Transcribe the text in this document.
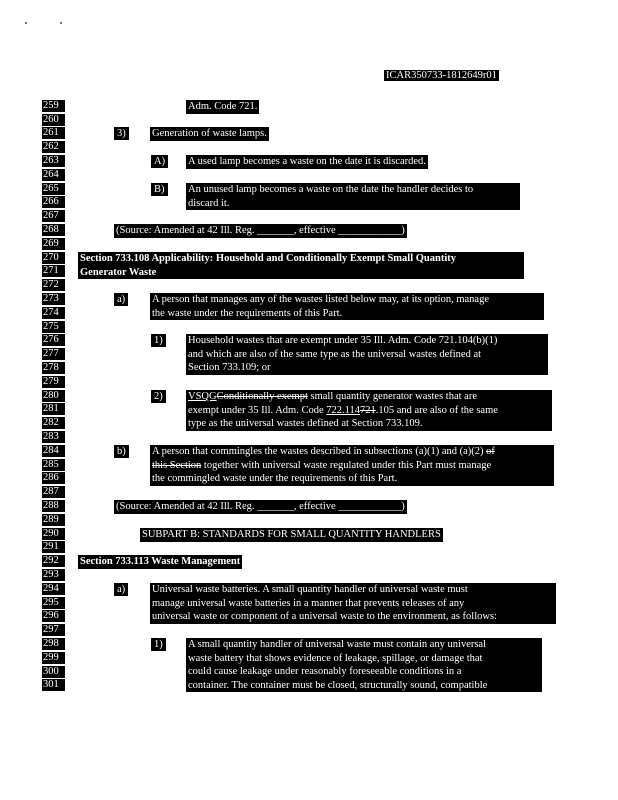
ICAR350733-1812649r01
259
260
261
262
263
264
265
266
267
268
269
270
271
272
273
274
275
276
277
278
279
280
281
282
283
284
285
286
287
288
289
290
291
292
293
294
295
296
297
298
299
300
301
Adm. Code 721.
3)	Generation of waste lamps.
A) A used lamp becomes a waste on the date it is discarded.
B) An unused lamp becomes a waste on the date the handler decides to
discard it.
(Source: Amended at 42 Ill. Reg. _______, effective ____________)
Section 733.108 Applicability: Household and Conditionally Exempt Small Quantity
Generator Waste
a)	A person that manages any of the wastes listed below may, at its option, manage
the waste under the requirements of this Part.
1) Household wastes that are exempt under 35 Ill. Adm. Code 721.104(b)(1)
and which are also of the same type as the universal wastes defined at
Section 733.109; or
2) VSQGConditionally exempt small quantity generator wastes that are
exempt under 35 Ill. Adm. Code 722.114721.105 and are also of the same
type as the universal wastes defined at Section 733.109.
b)	A person that commingles the wastes described in subsections (a)(1) and (a)(2) of
this Section together with universal waste regulated under this Part must manage
the commingled waste under the requirements of this Part.
(Source: Amended at 42 Ill. Reg. _______, effective ____________)
SUBPART B: STANDARDS FOR SMALL QUANTITY HANDLERS
Section 733.113 Waste Management
a)	Universal waste batteries. A small quantity handler of universal waste must
manage universal waste batteries in a manner that prevents releases of any
universal waste or component of a universal waste to the environment, as follows:
1) A small quantity handler of universal waste must contain any universal
waste battery that shows evidence of leakage, spillage, or damage that
could cause leakage under reasonably foreseeable conditions in a
container. The container must be closed, structurally sound, compatible
